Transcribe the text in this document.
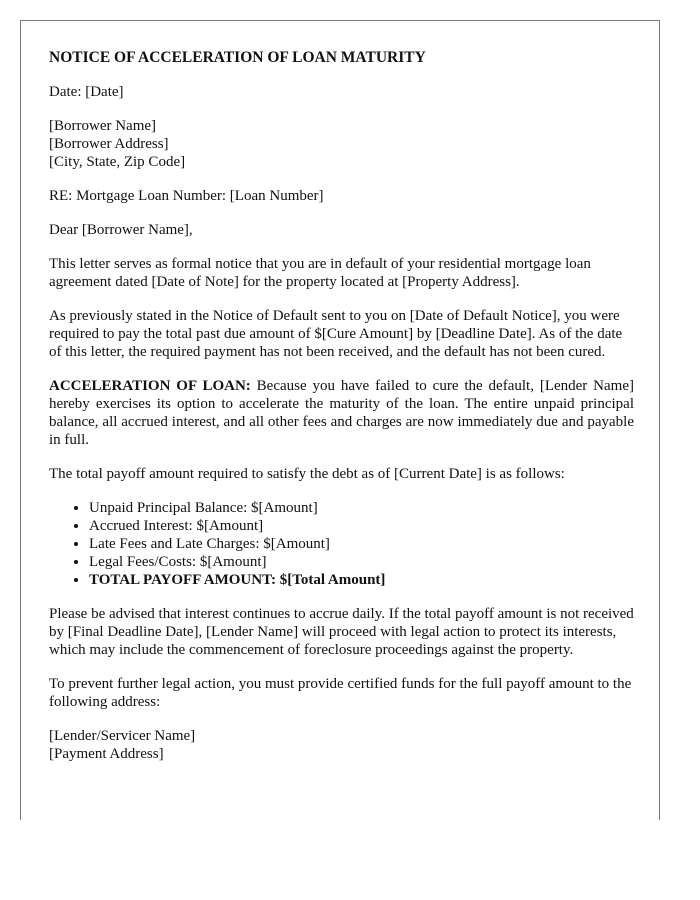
NOTICE OF ACCELERATION OF LOAN MATURITY

Date: [Date]

[Borrower Name]
[Borrower Address]
[City, State, Zip Code]

RE: Mortgage Loan Number: [Loan Number]

Dear [Borrower Name],

This letter serves as formal notice that you are in default of your residential mortgage loan agreement dated [Date of Note] for the property located at [Property Address].

As previously stated in the Notice of Default sent to you on [Date of Default Notice], you were required to pay the total past due amount of $[Cure Amount] by [Deadline Date]. As of the date of this letter, the required payment has not been received, and the default has not been cured.

ACCELERATION OF LOAN: Because you have failed to cure the default, [Lender Name] hereby exercises its option to accelerate the maturity of the loan. The entire unpaid principal balance, all accrued interest, and all other fees and charges are now immediately due and payable in full.

The total payoff amount required to satisfy the debt as of [Current Date] is as follows:

• Unpaid Principal Balance: $[Amount]
• Accrued Interest: $[Amount]
• Late Fees and Late Charges: $[Amount]
• Legal Fees/Costs: $[Amount]
• TOTAL PAYOFF AMOUNT: $[Total Amount]

Please be advised that interest continues to accrue daily. If the total payoff amount is not received by [Final Deadline Date], [Lender Name] will proceed with legal action to protect its interests, which may include the commencement of foreclosure proceedings against the property.

To prevent further legal action, you must provide certified funds for the full payoff amount to the following address:

[Lender/Servicer Name]
[Payment Address]
